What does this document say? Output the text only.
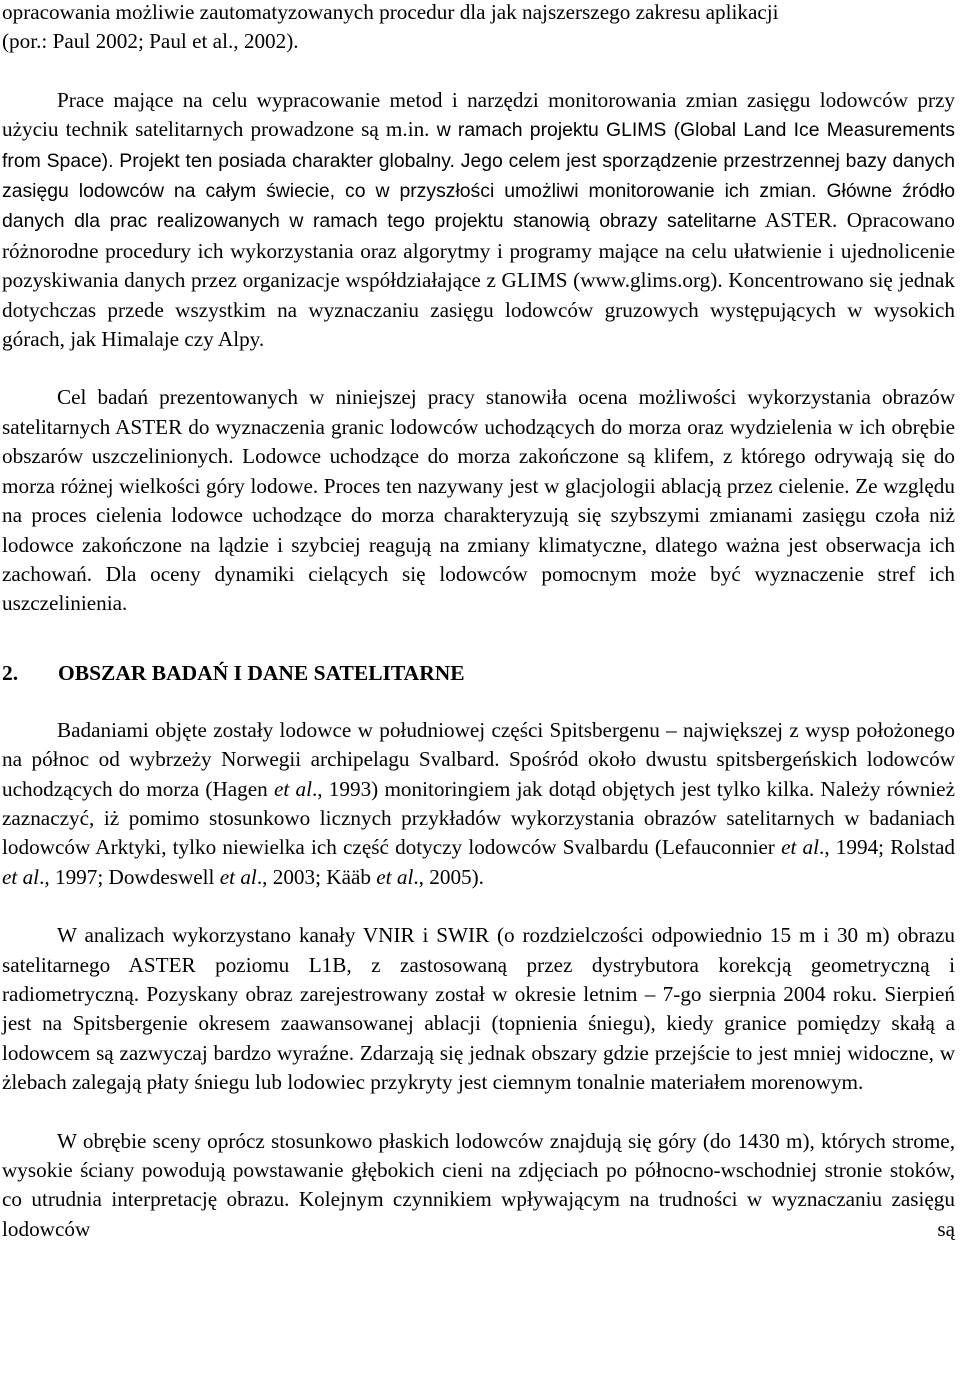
opracowania możliwie zautomatyzowanych procedur dla jak najszerszego zakresu aplikacji
(por.: Paul 2002; Paul et al., 2002).

Prace mające na celu wypracowanie metod i narzędzi monitorowania zmian zasięgu lodowców przy użyciu technik satelitarnych prowadzone są m.in. w ramach projektu GLIMS (Global Land Ice Measurements from Space). Projekt ten posiada charakter globalny. Jego celem jest sporządzenie przestrzennej bazy danych zasięgu lodowców na całym świecie, co w przyszłości umożliwi monitorowanie ich zmian. Główne źródło danych dla prac realizowanych w ramach tego projektu stanowią obrazy satelitarne ASTER. Opracowano różnorodne procedury ich wykorzystania oraz algorytmy i programy mające na celu ułatwienie i ujednolicenie pozyskiwania danych przez organizacje współdziałające z GLIMS (www.glims.org). Koncentrowano się jednak dotychczas przede wszystkim na wyznaczaniu zasięgu lodowców gruzowych występujących w wysokich górach, jak Himalaje czy Alpy.

Cel badań prezentowanych w niniejszej pracy stanowiła ocena możliwości wykorzystania obrazów satelitarnych ASTER do wyznaczenia granic lodowców uchodzących do morza oraz wydzielenia w ich obrębie obszarów uszczelinionych. Lodowce uchodzące do morza zakończone są klifem, z którego odrywają się do morza różnej wielkości góry lodowe. Proces ten nazywany jest w glacjologii ablacją przez cielenie. Ze względu na proces cielenia lodowce uchodzące do morza charakteryzują się szybszymi zmianami zasięgu czoła niż lodowce zakończone na lądzie i szybciej reagują na zmiany klimatyczne, dlatego ważna jest obserwacja ich zachowań. Dla oceny dynamiki cielących się lodowców pomocnym może być wyznaczenie stref ich uszczelinienia.

2. OBSZAR BADAŃ I DANE SATELITARNE

Badaniami objęte zostały lodowce w południowej części Spitsbergenu – największej z wysp położonego na północ od wybrzeży Norwegii archipelagu Svalbard. Spośród około dwustu spitsbergeńskich lodowców uchodzących do morza (Hagen et al., 1993) monitoringiem jak dotąd objętych jest tylko kilka. Należy również zaznaczyć, iż pomimo stosunkowo licznych przykładów wykorzystania obrazów satelitarnych w badaniach lodowców Arktyki, tylko niewielka ich część dotyczy lodowców Svalbardu (Lefauconnier et al., 1994; Rolstad et al., 1997; Dowdeswell et al., 2003; Kääb et al., 2005).

W analizach wykorzystano kanały VNIR i SWIR (o rozdzielczości odpowiednio 15 m i 30 m) obrazu satelitarnego ASTER poziomu L1B, z zastosowaną przez dystrybutora korekcją geometryczną i radiometryczną. Pozyskany obraz zarejestrowany został w okresie letnim – 7-go sierpnia 2004 roku. Sierpień jest na Spitsbergenie okresem zaawansowanej ablacji (topnienia śniegu), kiedy granice pomiędzy skałą a lodowcem są zazwyczaj bardzo wyraźne. Zdarzają się jednak obszary gdzie przejście to jest mniej widoczne, w żlebach zalegają płaty śniegu lub lodowiec przykryty jest ciemnym tonalnie materiałem morenowym.

W obrębie sceny oprócz stosunkowo płaskich lodowców znajdują się góry (do 1430 m), których strome, wysokie ściany powodują powstawanie głębokich cieni na zdjęciach po północno-wschodniej stronie stoków, co utrudnia interpretację obrazu. Kolejnym czynnikiem wpływającym na trudności w wyznaczaniu zasięgu lodowców są
